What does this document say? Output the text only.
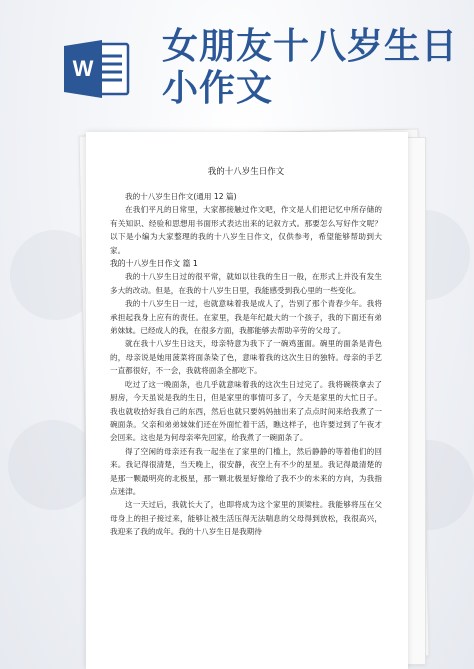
W
女朋友十八岁生日小作文
我的十八岁生日作文
我的十八岁生日作文(通用 12 篇)
在我们平凡的日常里，大家都接触过作文吧，作文是人们把记忆中所存储的有关知识、经验和思想用书面形式表达出来的记叙方式。那要怎么写好作文呢？以下是小编为大家整理的我的十八岁生日作文，仅供参考，希望能够帮助到大家。
我的十八岁生日作文 篇 1
我的十八岁生日过的很平常，就如以往我的生日一般，在形式上并没有发生多大的改动。但是，在我的十八岁生日里，我能感受到我心里的一些变化。
我的十八岁生日一过，也就意味着我是成人了，告别了那个青春少年。我将承担起我身上应有的责任。在家里，我是年纪最大的一个孩子，我的下面还有弟弟妹妹。已经成人的我，在很多方面，我都能够去帮助辛劳的父母了。
就在我十八岁生日这天，母亲特意为我下了一碗鸡蛋面。碗里的面条是青色的，母亲说是她用菠菜将面条染了色，意味着我的这次生日的独特。母亲的手艺一直都很好，不一会，我就将面条全都吃下。
吃过了这一晚面条，也几乎就意味着我的这次生日过完了。我将碗筷拿去了厨房，今天虽说是我的生日，但是家里的事情可多了，今天是家里的大忙日子。我也就收拾好我自己的东西，然后也就只要妈妈抽出来了点点时间来给我煮了一碗面条。父亲和弟弟妹妹们还在外面忙着干活，瞧这样子，也许要过到了午夜才会回来。这也是为何母亲率先回家，给我煮了一碗面条了。
得了空闲的母亲还有我一起坐在了家里的门槛上，然后静静的等着他们的回来。我记得很清楚，当天晚上，很安静，夜空上有不少的星星。我记得最清楚的是那一颗最明亮的北极星，那一颗北极星好像给了我不少的未来的方向，为我指点迷津。
这一天过后，我就长大了，也即将成为这个家里的顶梁柱。我能够将压在父母身上的担子接过来，能够让被生活压得无法喘息的父母得到放松，我很高兴，我迎来了我的成年。我的十八岁生日是我期待
